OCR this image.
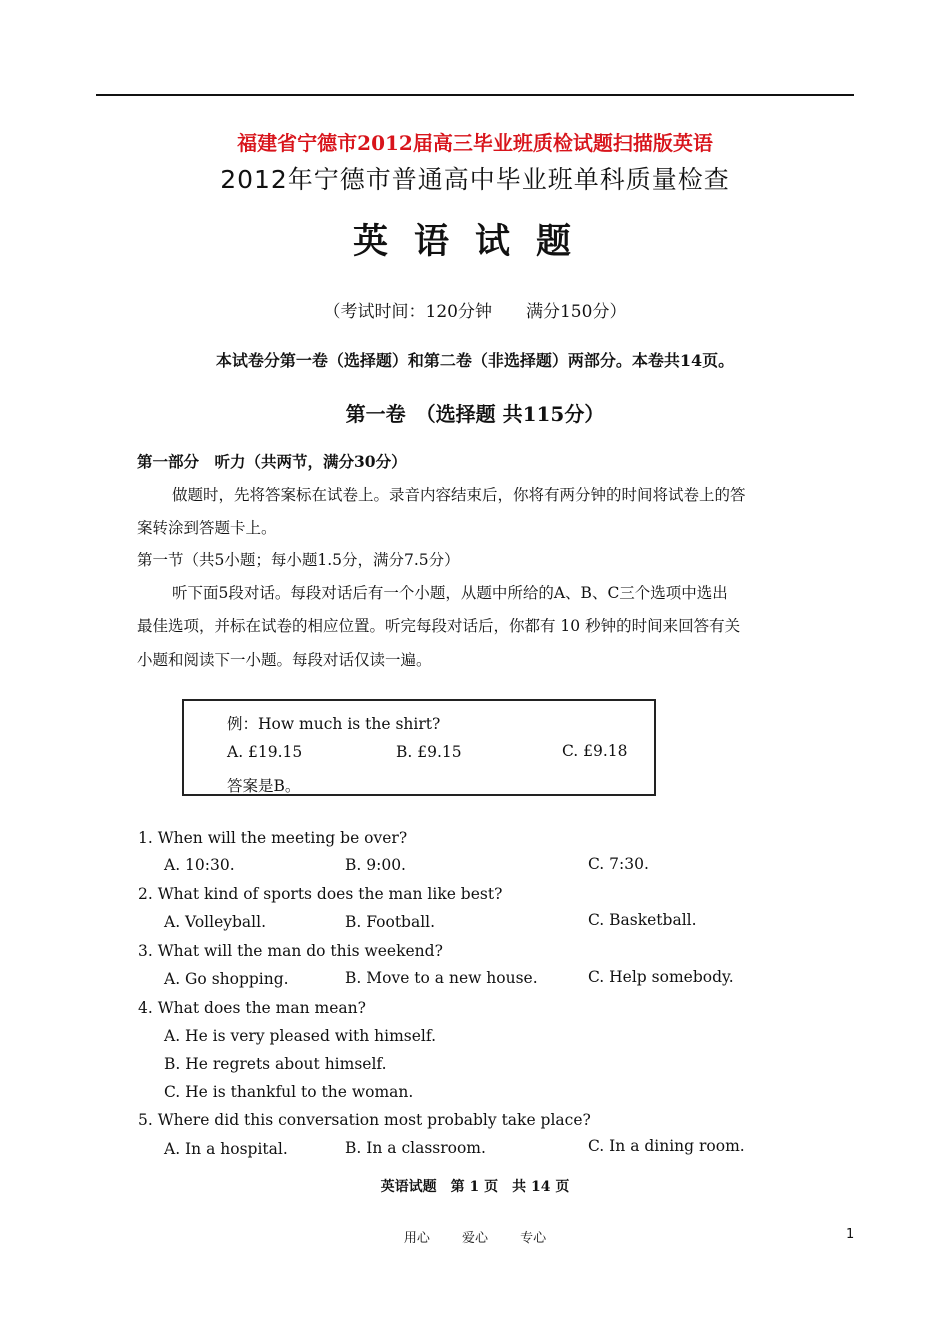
福建省宁德市2012届高三毕业班质检试题扫描版英语
2012年宁德市普通高中毕业班单科质量检查
英语试题
（考试时间：120分钟　　满分150分）
本试卷分第一卷（选择题）和第二卷（非选择题）两部分。本卷共14页。
第一卷　（选择题 共115分）
第一部分　听力（共两节，满分30分）
做题时，先将答案标在试卷上。录音内容结束后，你将有两分钟的时间将试卷上的答
案转涂到答题卡上。
第一节（共5小题；每小题1.5分，满分7.5分）
听下面5段对话。每段对话后有一个小题，从题中所给的A、B、C三个选项中选出
最佳选项，并标在试卷的相应位置。听完每段对话后，你都有 10 秒钟的时间来回答有关
小题和阅读下一小题。每段对话仅读一遍。
例：How much is the shirt?
A. £19.15	B. £9.15	C. £9.18
答案是B。
1. When will the meeting be over?
A. 10:30.	B. 9:00.	C. 7:30.
2. What kind of sports does the man like best?
A. Volleyball.	B. Football.	C. Basketball.
3. What will the man do this weekend?
A. Go shopping.	B. Move to a new house.	C. Help somebody.
4. What does the man mean?
A. He is very pleased with himself.
B. He regrets about himself.
C. He is thankful to the woman.
5. Where did this conversation most probably take place?
A. In a hospital.	B. In a classroom.	C. In a dining room.
英语试题　第 1 页　共 14 页
用心 爱心 专心	1
